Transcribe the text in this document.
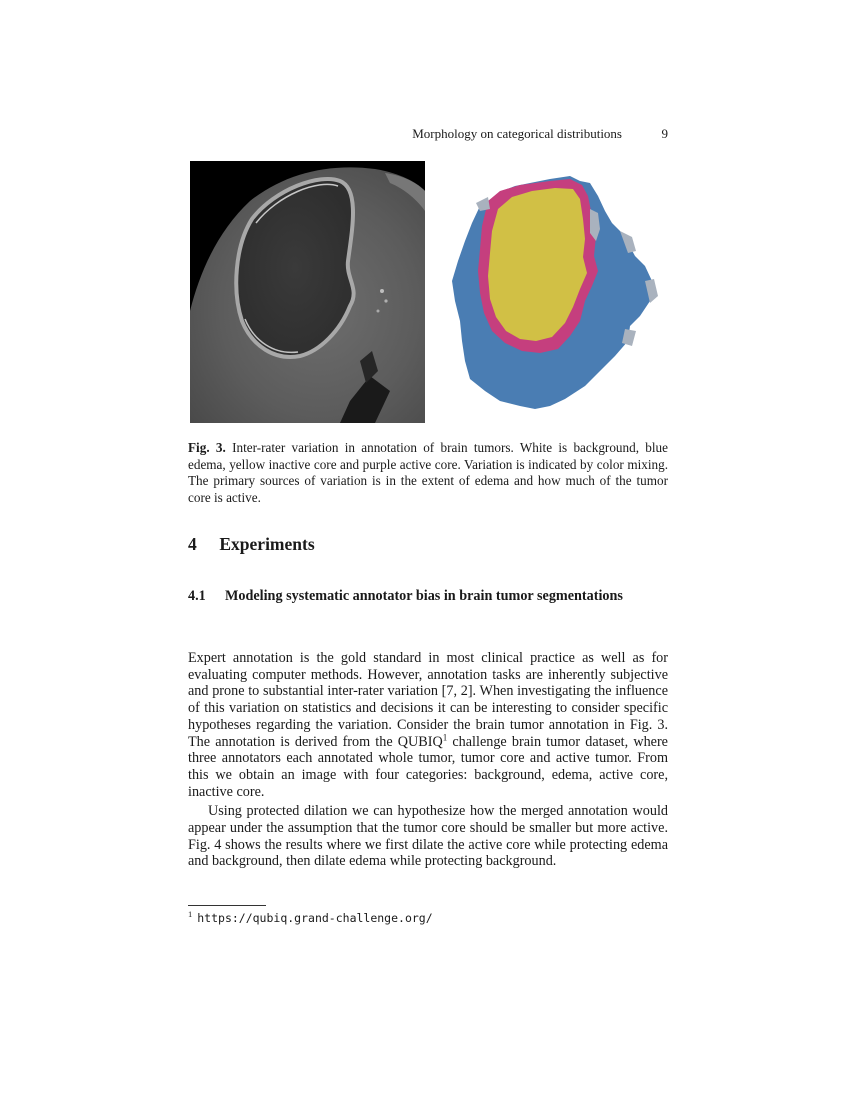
Morphology on categorical distributions	9
Fig. 3. Inter-rater variation in annotation of brain tumors. White is background, blue edema, yellow inactive core and purple active core. Variation is indicated by color mixing. The primary sources of variation is in the extent of edema and how much of the tumor core is active.
4 Experiments
4.1 Modeling systematic annotator bias in brain tumor segmentations

Expert annotation is the gold standard in most clinical practice as well as for evaluating computer methods. However, annotation tasks are inherently subjective and prone to substantial inter-rater variation [7, 2]. When investigating the influence of this variation on statistics and decisions it can be interesting to consider specific hypotheses regarding the variation. Consider the brain tumor annotation in Fig. 3. The annotation is derived from the QUBIQ$^1$ challenge brain tumor dataset, where three annotators each annotated whole tumor, tumor core and active tumor. From this we obtain an image with four categories: background, edema, active core, inactive core.

Using protected dilation we can hypothesize how the merged annotation would appear under the assumption that the tumor core should be smaller but more active. Fig. 4 shows the results where we first dilate the active core while protecting edema and background, then dilate edema while protecting background.

$^1$ https://qubiq.grand-challenge.org/
